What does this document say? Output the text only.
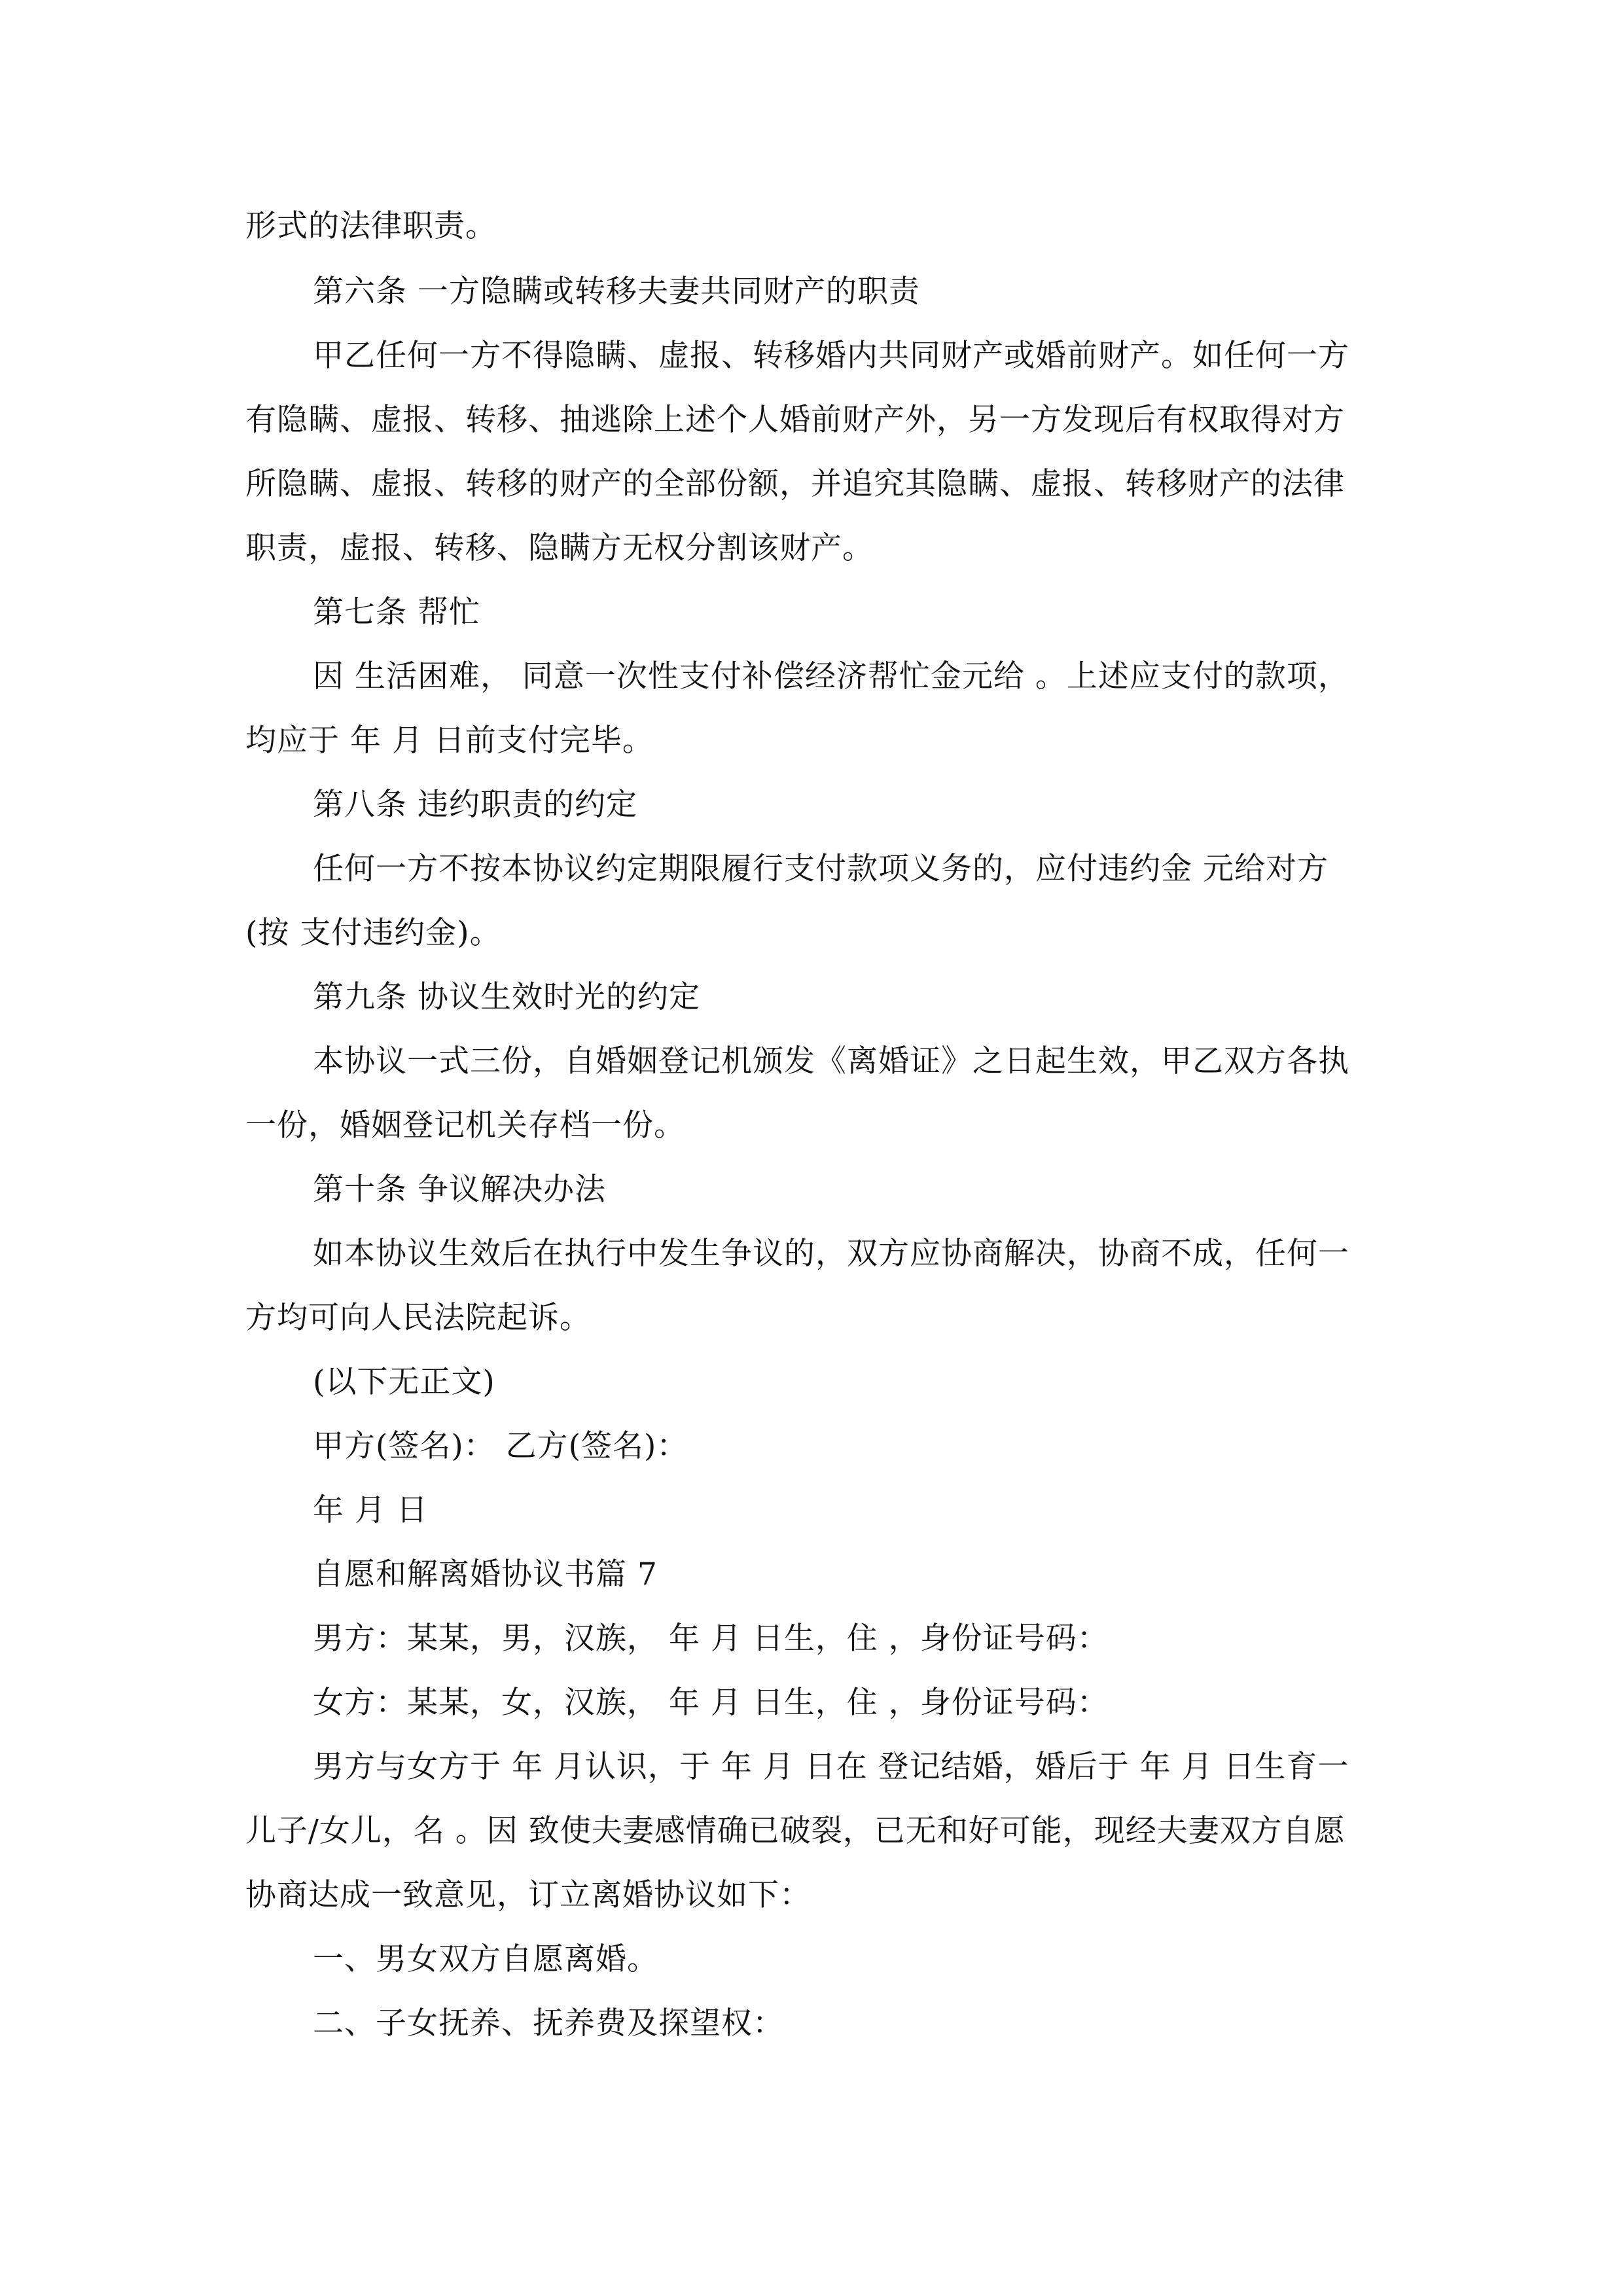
形式的法律职责。

第六条 一方隐瞒或转移夫妻共同财产的职责

甲乙任何一方不得隐瞒、虚报、转移婚内共同财产或婚前财产。如任何一方

有隐瞒、虚报、转移、抽逃除上述个人婚前财产外，另一方发现后有权取得对方

所隐瞒、虚报、转移的财产的全部份额，并追究其隐瞒、虚报、转移财产的法律

职责，虚报、转移、隐瞒方无权分割该财产。

第七条 帮忙

因 生活困难， 同意一次性支付补偿经济帮忙金元给 。上述应支付的款项，

均应于 年 月 日前支付完毕。

第八条 违约职责的约定

任何一方不按本协议约定期限履行支付款项义务的，应付违约金 元给对方

(按 支付违约金)。

第九条 协议生效时光的约定

本协议一式三份，自婚姻登记机颁发《离婚证》之日起生效，甲乙双方各执

一份，婚姻登记机关存档一份。

第十条 争议解决办法

如本协议生效后在执行中发生争议的，双方应协商解决，协商不成，任何一

方均可向人民法院起诉。

(以下无正文)

甲方(签名)： 乙方(签名)：

年 月 日

自愿和解离婚协议书篇 7

男方：某某，男，汉族， 年 月 日生，住 ，身份证号码：

女方：某某，女，汉族， 年 月 日生，住 ，身份证号码：

男方与女方于 年 月认识，于 年 月 日在 登记结婚，婚后于 年 月 日生育一

儿子/女儿，名 。因 致使夫妻感情确已破裂，已无和好可能，现经夫妻双方自愿

协商达成一致意见，订立离婚协议如下：

一、男女双方自愿离婚。

二、子女抚养、抚养费及探望权：
